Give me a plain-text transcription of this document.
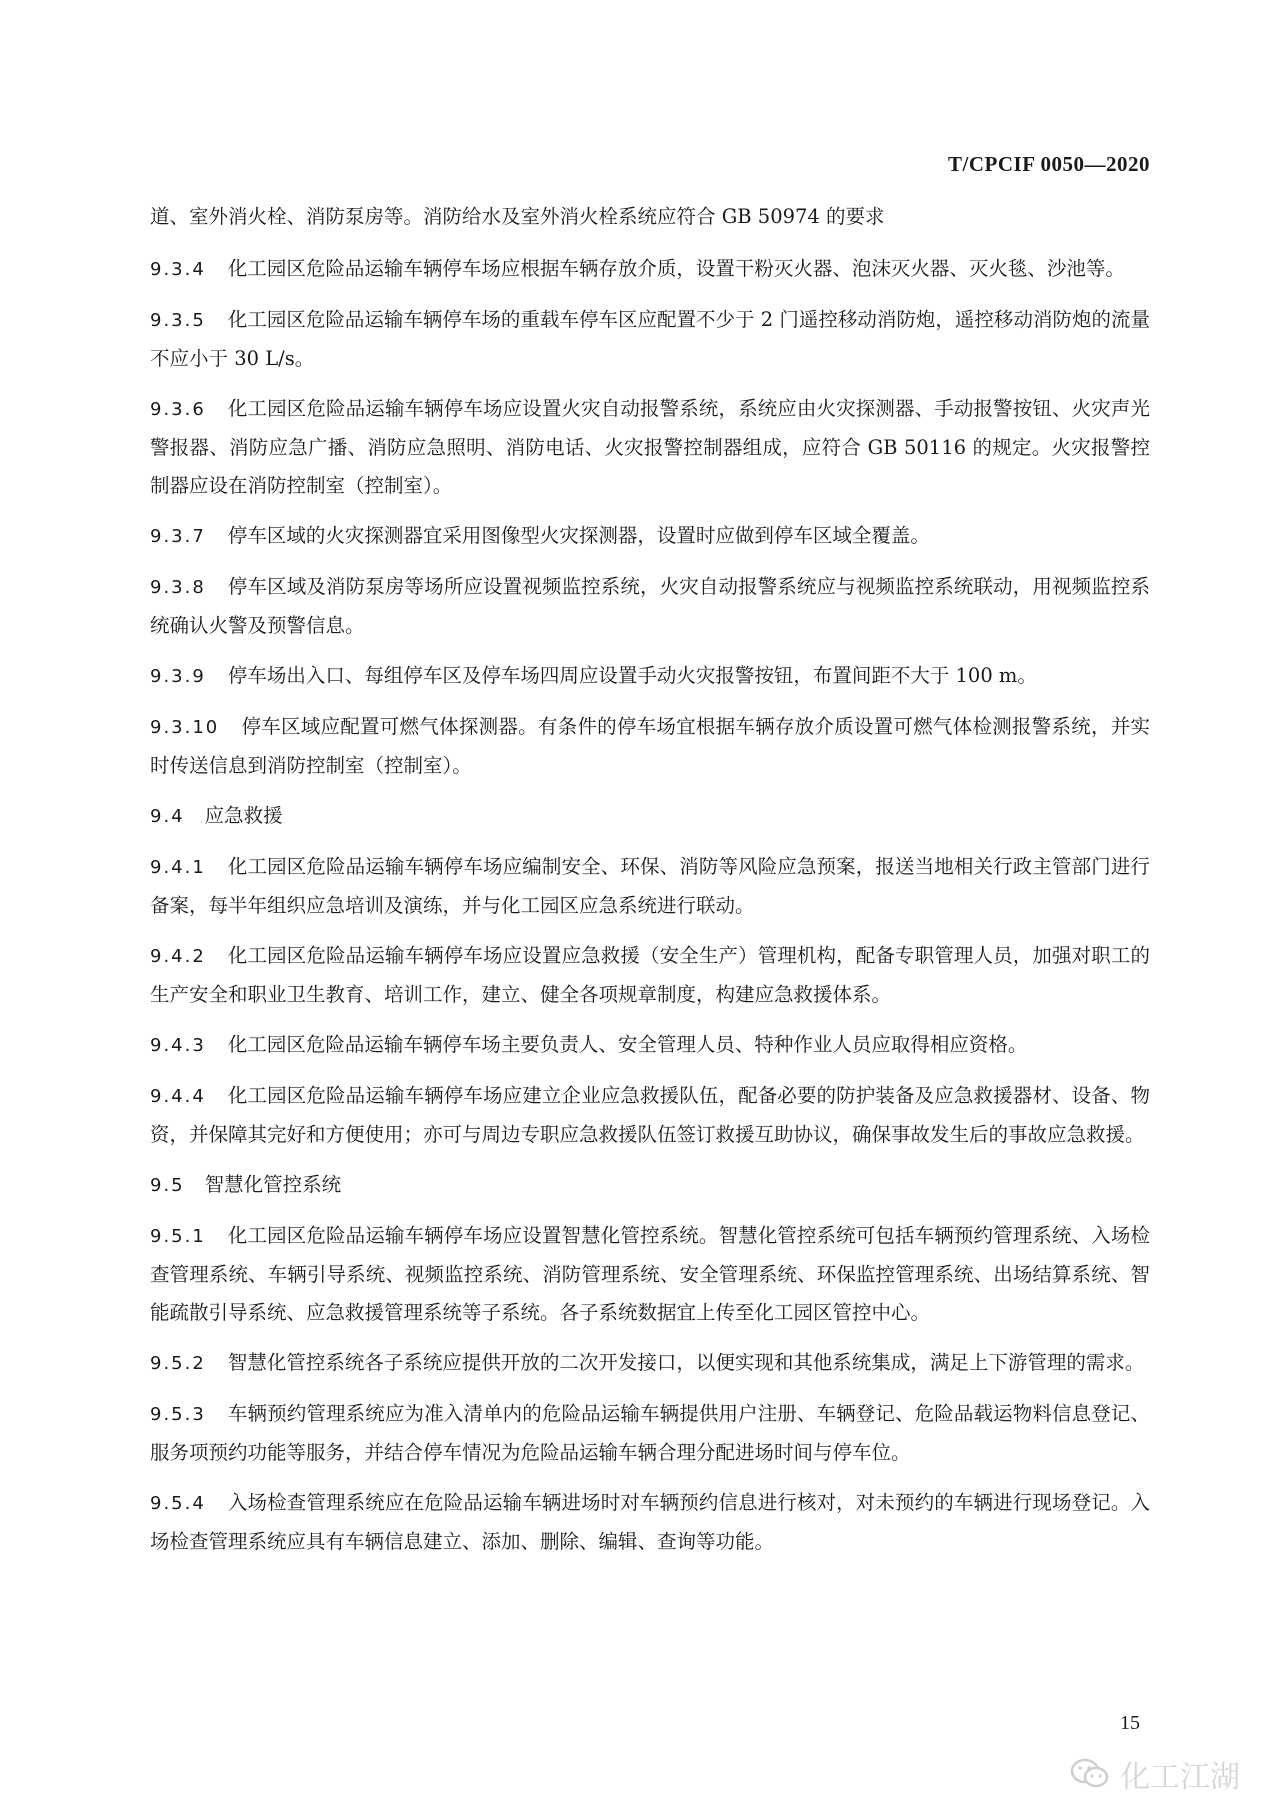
T/CPCIF 0050—2020

道、室外消火栓、消防泵房等。消防给水及室外消火栓系统应符合 GB 50974 的要求

9.3.4 化工园区危险品运输车辆停车场应根据车辆存放介质，设置干粉灭火器、泡沫灭火器、灭火毯、沙池等。

9.3.5 化工园区危险品运输车辆停车场的重载车停车区应配置不少于 2 门遥控移动消防炮，遥控移动消防炮的流量不应小于 30 L/s。

9.3.6 化工园区危险品运输车辆停车场应设置火灾自动报警系统，系统应由火灾探测器、手动报警按钮、火灾声光警报器、消防应急广播、消防应急照明、消防电话、火灾报警控制器组成，应符合 GB 50116 的规定。火灾报警控制器应设在消防控制室（控制室）。

9.3.7 停车区域的火灾探测器宜采用图像型火灾探测器，设置时应做到停车区域全覆盖。

9.3.8 停车区域及消防泵房等场所应设置视频监控系统，火灾自动报警系统应与视频监控系统联动，用视频监控系统确认火警及预警信息。

9.3.9 停车场出入口、每组停车区及停车场四周应设置手动火灾报警按钮，布置间距不大于 100 m。

9.3.10 停车区域应配置可燃气体探测器。有条件的停车场宜根据车辆存放介质设置可燃气体检测报警系统，并实时传送信息到消防控制室（控制室）。

9.4 应急救援

9.4.1 化工园区危险品运输车辆停车场应编制安全、环保、消防等风险应急预案，报送当地相关行政主管部门进行备案，每半年组织应急培训及演练，并与化工园区应急系统进行联动。

9.4.2 化工园区危险品运输车辆停车场应设置应急救援（安全生产）管理机构，配备专职管理人员，加强对职工的生产安全和职业卫生教育、培训工作，建立、健全各项规章制度，构建应急救援体系。

9.4.3 化工园区危险品运输车辆停车场主要负责人、安全管理人员、特种作业人员应取得相应资格。

9.4.4 化工园区危险品运输车辆停车场应建立企业应急救援队伍，配备必要的防护装备及应急救援器材、设备、物资，并保障其完好和方便使用；亦可与周边专职应急救援队伍签订救援互助协议，确保事故发生后的事故应急救援。

9.5 智慧化管控系统

9.5.1 化工园区危险品运输车辆停车场应设置智慧化管控系统。智慧化管控系统可包括车辆预约管理系统、入场检查管理系统、车辆引导系统、视频监控系统、消防管理系统、安全管理系统、环保监控管理系统、出场结算系统、智能疏散引导系统、应急救援管理系统等子系统。各子系统数据宜上传至化工园区管控中心。

9.5.2 智慧化管控系统各子系统应提供开放的二次开发接口，以便实现和其他系统集成，满足上下游管理的需求。

9.5.3 车辆预约管理系统应为准入清单内的危险品运输车辆提供用户注册、车辆登记、危险品载运物料信息登记、服务项预约功能等服务，并结合停车情况为危险品运输车辆合理分配进场时间与停车位。

9.5.4 入场检查管理系统应在危险品运输车辆进场时对车辆预约信息进行核对，对未预约的车辆进行现场登记。入场检查管理系统应具有车辆信息建立、添加、删除、编辑、查询等功能。

15
化工江湖
